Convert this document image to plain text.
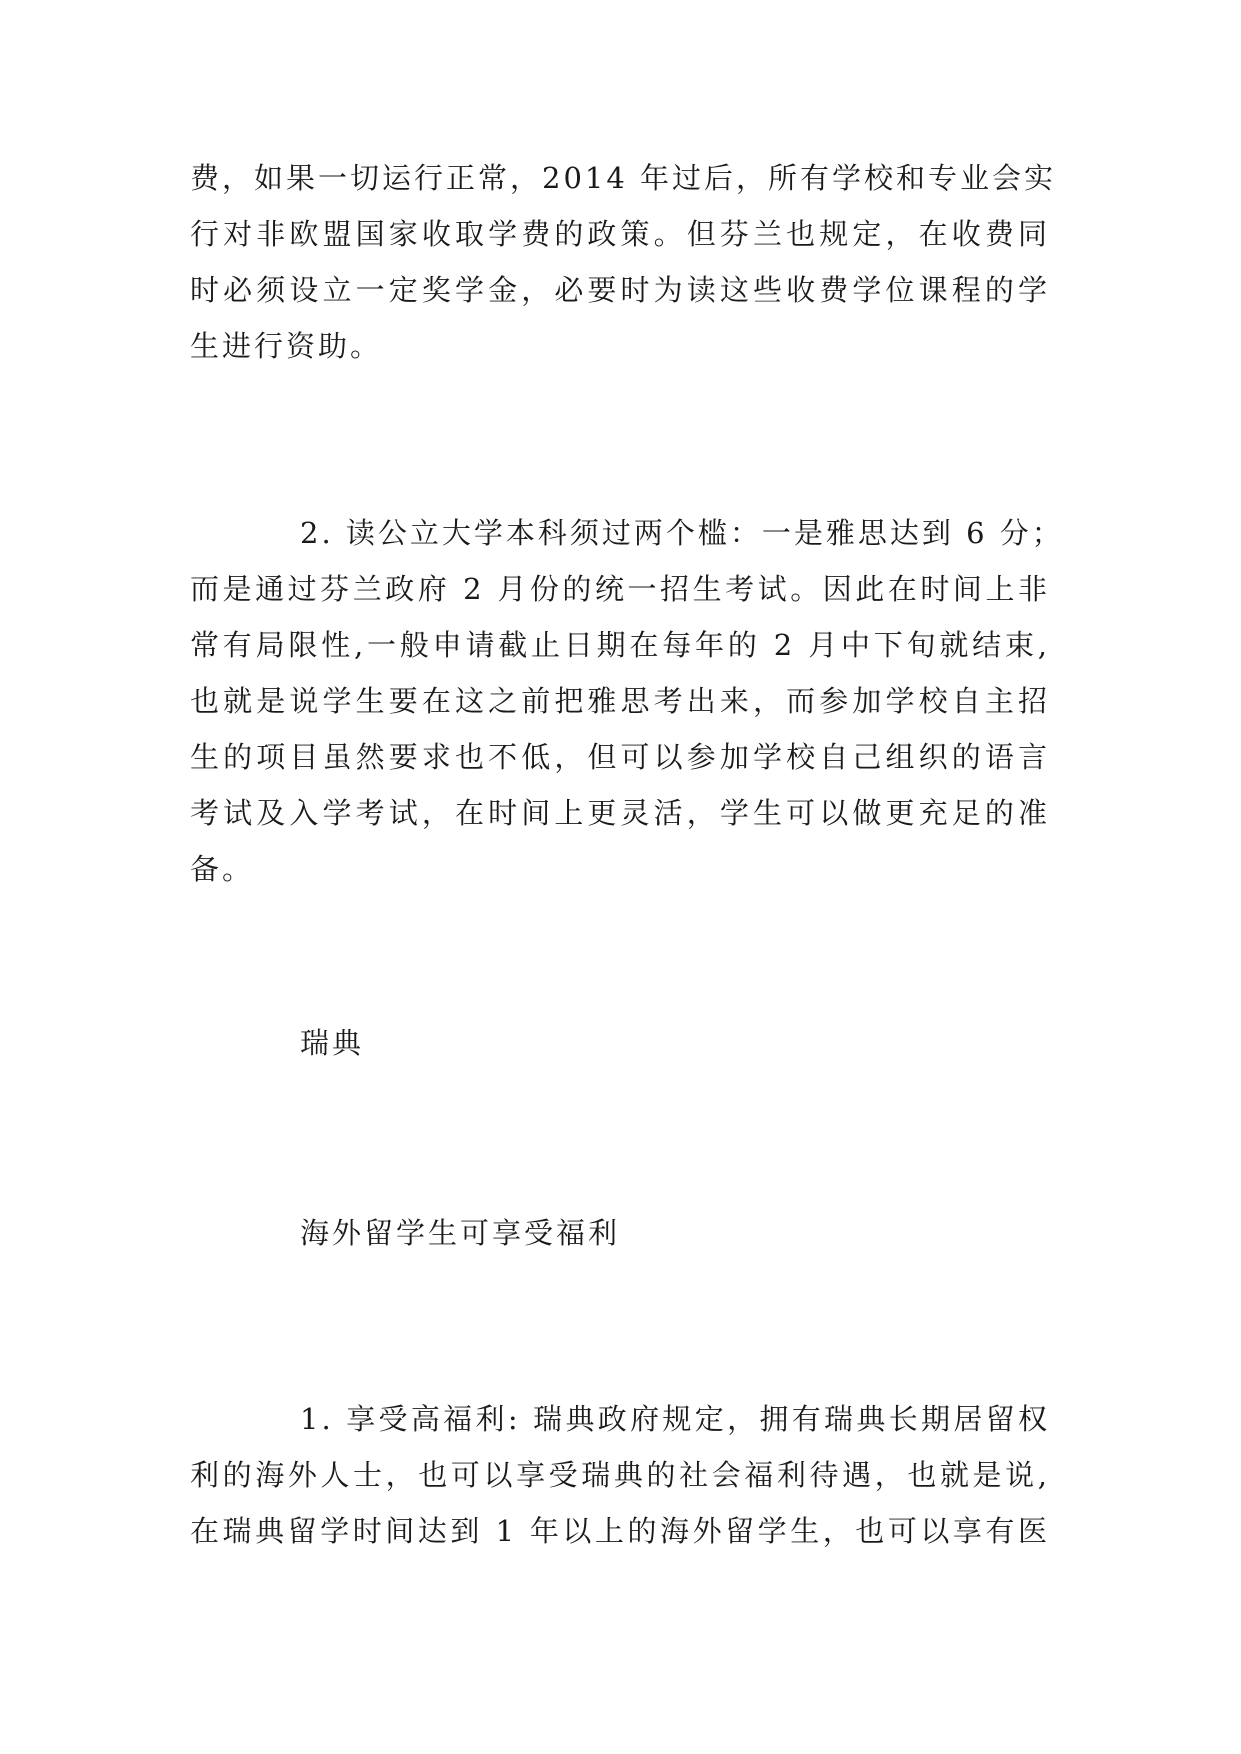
费，如果一切运行正常，2014 年过后，所有学校和专业会实
行对非欧盟国家收取学费的政策。但芬兰也规定，在收费同
时必须设立一定奖学金，必要时为读这些收费学位课程的学
生进行资助。
2. 读公立大学本科须过两个槛：一是雅思达到 6 分；
而是通过芬兰政府 2 月份的统一招生考试。因此在时间上非
常有局限性,一般申请截止日期在每年的 2 月中下旬就结束,
也就是说学生要在这之前把雅思考出来，而参加学校自主招
生的项目虽然要求也不低，但可以参加学校自己组织的语言
考试及入学考试，在时间上更灵活，学生可以做更充足的准
备。
瑞典
海外留学生可享受福利
1. 享受高福利: 瑞典政府规定，拥有瑞典长期居留权
利的海外人士，也可以享受瑞典的社会福利待遇，也就是说,
在瑞典留学时间达到 1 年以上的海外留学生，也可以享有医
